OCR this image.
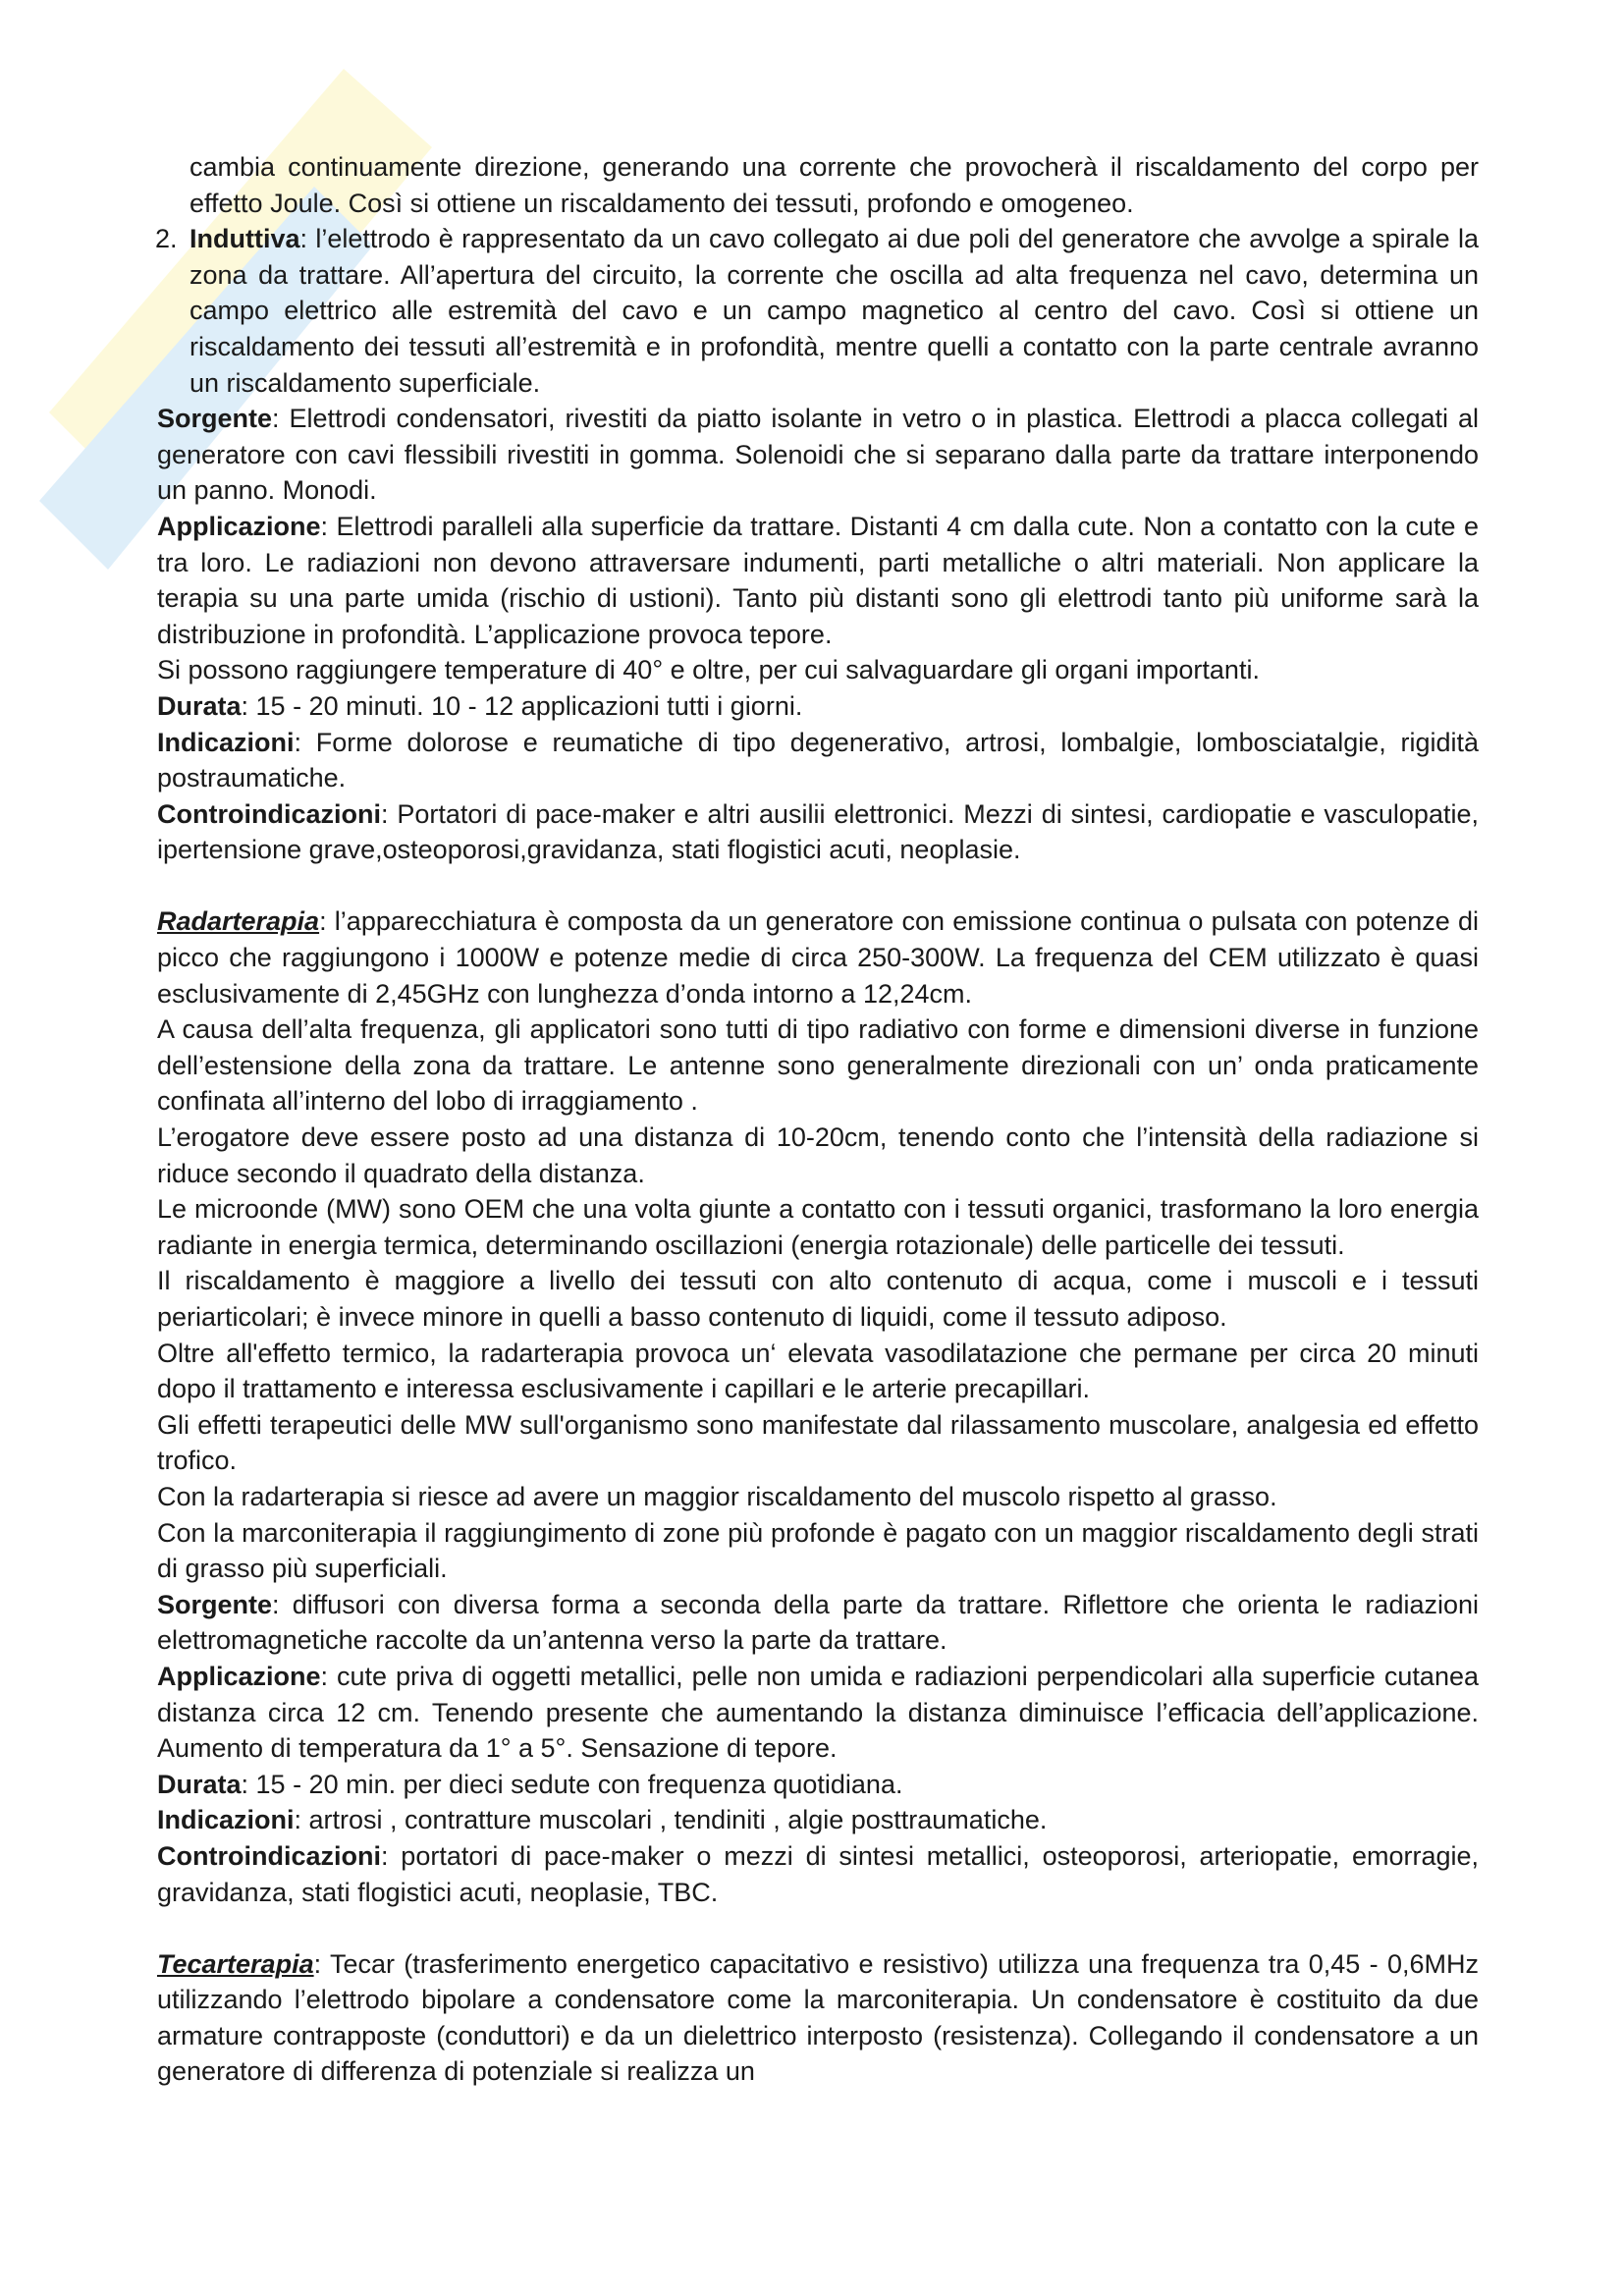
cambia continuamente direzione, generando una corrente che provocherà il riscaldamento del corpo per effetto Joule. Così si ottiene un riscaldamento dei tessuti, profondo e omogeneo.

2. Induttiva: l’elettrodo è rappresentato da un cavo collegato ai due poli del generatore che avvolge a spirale la zona da trattare. All’apertura del circuito, la corrente che oscilla ad alta frequenza nel cavo, determina un campo elettrico alle estremità del cavo e un campo magnetico al centro del cavo. Così si ottiene un riscaldamento dei tessuti all’estremità e in profondità, mentre quelli a contatto con la parte centrale avranno un riscaldamento superficiale.

Sorgente: Elettrodi condensatori, rivestiti da piatto isolante in vetro o in plastica. Elettrodi a placca collegati al generatore con cavi flessibili rivestiti in gomma. Solenoidi che si separano dalla parte da trattare interponendo un panno. Monodi.

Applicazione: Elettrodi paralleli alla superficie da trattare. Distanti 4 cm dalla cute. Non a contatto con la cute e tra loro. Le radiazioni non devono attraversare indumenti, parti metalliche o altri materiali. Non applicare la terapia su una parte umida (rischio di ustioni). Tanto più distanti sono gli elettrodi tanto più uniforme sarà la distribuzione in profondità. L’applicazione provoca tepore.

Si possono raggiungere temperature di 40° e oltre, per cui salvaguardare gli organi importanti.

Durata: 15 - 20 minuti. 10 - 12 applicazioni tutti i giorni.

Indicazioni: Forme dolorose e reumatiche di tipo degenerativo, artrosi, lombalgie, lombosciatalgie, rigidità postraumatiche.

Controindicazioni: Portatori di pace-maker e altri ausilii elettronici. Mezzi di sintesi, cardiopatie e vasculopatie, ipertensione grave,osteoporosi,gravidanza, stati flogistici acuti, neoplasie.

Radarterapia: l’apparecchiatura è composta da un generatore con emissione continua o pulsata con potenze di picco che raggiungono i 1000W e potenze medie di circa 250-300W. La frequenza del CEM utilizzato è quasi esclusivamente di 2,45GHz con lunghezza d’onda intorno a 12,24cm.

A causa dell’alta frequenza, gli applicatori sono tutti di tipo radiativo con forme e dimensioni diverse in funzione dell’estensione della zona da trattare. Le antenne sono generalmente direzionali con un’ onda praticamente confinata all’interno del lobo di irraggiamento .

L’erogatore deve essere posto ad una distanza di 10-20cm, tenendo conto che l’intensità della radiazione si riduce secondo il quadrato della distanza.

Le microonde (MW) sono OEM che una volta giunte a contatto con i tessuti organici, trasformano la loro energia radiante in energia termica, determinando oscillazioni (energia rotazionale) delle particelle dei tessuti.

Il riscaldamento è maggiore a livello dei tessuti con alto contenuto di acqua, come i muscoli e i tessuti periarticolari; è invece minore in quelli a basso contenuto di liquidi, come il tessuto adiposo.

Oltre all'effetto termico, la radarterapia provoca un‘ elevata vasodilatazione che permane per circa 20 minuti dopo il trattamento e interessa esclusivamente i capillari e le arterie precapillari.

Gli effetti terapeutici delle MW sull'organismo sono manifestate dal rilassamento muscolare, analgesia ed effetto trofico.

Con la radarterapia si riesce ad avere un maggior riscaldamento del muscolo rispetto al grasso.

Con la marconiterapia il raggiungimento di zone più profonde è pagato con un maggior riscaldamento degli strati di grasso più superficiali.

Sorgente: diffusori con diversa forma a seconda della parte da trattare. Riflettore che orienta le radiazioni elettromagnetiche raccolte da un’antenna verso la parte da trattare.

Applicazione: cute priva di oggetti metallici, pelle non umida e radiazioni perpendicolari alla superficie cutanea distanza circa 12 cm. Tenendo presente che aumentando la distanza diminuisce l’efficacia dell’applicazione. Aumento di temperatura da 1° a 5°. Sensazione di tepore.

Durata: 15 - 20 min. per dieci sedute con frequenza quotidiana.

Indicazioni: artrosi , contratture muscolari , tendiniti , algie posttraumatiche.

Controindicazioni: portatori di pace-maker o mezzi di sintesi metallici, osteoporosi, arteriopatie, emorragie, gravidanza, stati flogistici acuti, neoplasie, TBC.

Tecarterapia: Tecar (trasferimento energetico capacitativo e resistivo) utilizza una frequenza tra 0,45 - 0,6MHz utilizzando l’elettrodo bipolare a condensatore come la marconiterapia. Un condensatore è costituito da due armature contrapposte (conduttori) e da un dielettrico interposto (resistenza). Collegando il condensatore a un generatore di differenza di potenziale si realizza un
